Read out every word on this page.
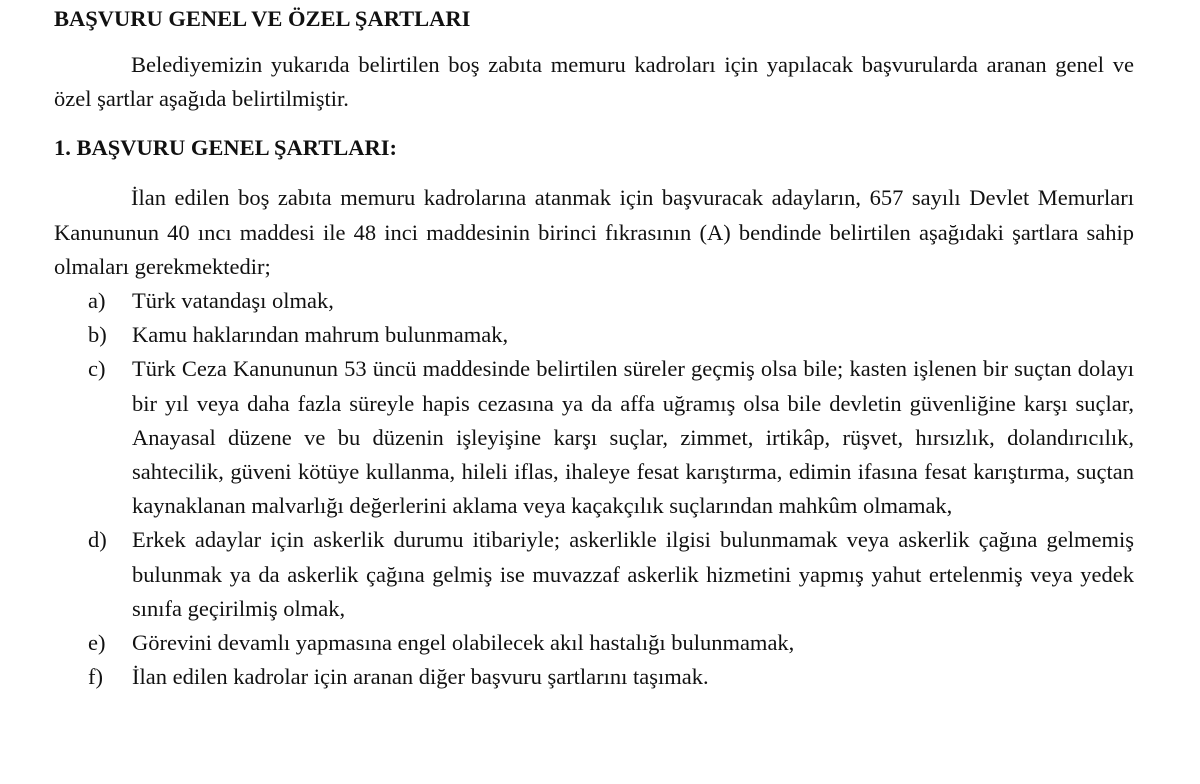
BAŞVURU GENEL VE ÖZEL ŞARTLARI

Belediyemizin yukarıda belirtilen boş zabıta memuru kadroları için yapılacak başvurularda aranan genel ve özel şartlar aşağıda belirtilmiştir.

1. BAŞVURU GENEL ŞARTLARI:

İlan edilen boş zabıta memuru kadrolarına atanmak için başvuracak adayların, 657 sayılı Devlet Memurları Kanununun 40 ıncı maddesi ile 48 inci maddesinin birinci fıkrasının (A) bendinde belirtilen aşağıdaki şartlara sahip olmaları gerekmektedir;

a)	Türk vatandaşı olmak,
b)	Kamu haklarından mahrum bulunmamak,
c)	Türk Ceza Kanununun 53 üncü maddesinde belirtilen süreler geçmiş olsa bile; kasten işlenen bir suçtan dolayı bir yıl veya daha fazla süreyle hapis cezasına ya da affa uğramış olsa bile devletin güvenliğine karşı suçlar, Anayasal düzene ve bu düzenin işleyişine karşı suçlar, zimmet, irtikâp, rüşvet, hırsızlık, dolandırıcılık, sahtecilik, güveni kötüye kullanma, hileli iflas, ihaleye fesat karıştırma, edimin ifasına fesat karıştırma, suçtan kaynaklanan malvarlığı değerlerini aklama veya kaçakçılık suçlarından mahkûm olmamak,
d)	Erkek adaylar için askerlik durumu itibariyle; askerlikle ilgisi bulunmamak veya askerlik çağına gelmemiş bulunmak ya da askerlik çağına gelmiş ise muvazzaf askerlik hizmetini yapmış yahut ertelenmiş veya yedek sınıfa geçirilmiş olmak,
e)	Görevini devamlı yapmasına engel olabilecek akıl hastalığı bulunmamak,
f)	İlan edilen kadrolar için aranan diğer başvuru şartlarını taşımak.
